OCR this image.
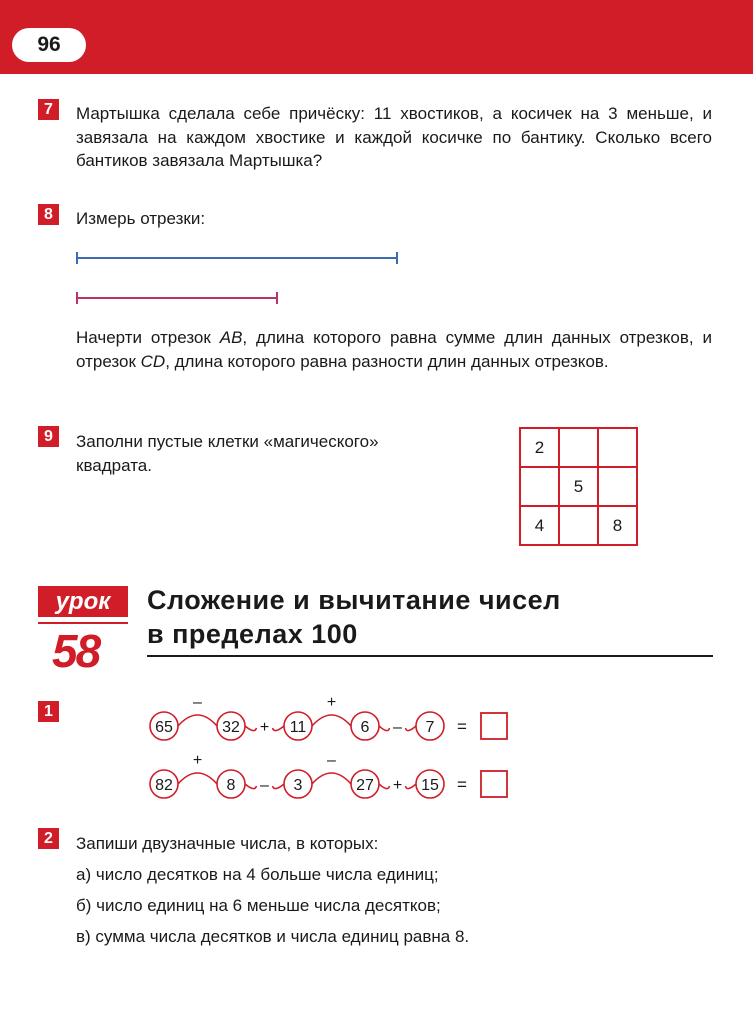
96
7	Мартышка сделала себе причёску: 11 хвостиков, а косичек на 3 меньше, и завязала на каждом хвостике и каждой косичке по бантику. Сколько всего бантиков завязала Мартышка?
8	Измерь отрезки:
Начерти отрезок AB, длина которого равна сумме длин данных отрезков, и отрезок CD, длина которого равна разности длин данных отрезков.
9	Заполни пустые клетки «магического» квадрата.
2		
	5	
4		8
урок
58
Сложение и вычитание чисел
в пределах 100
1
–
+
+
–
65	32	11	6	7 =
+
–
–
+
82	8	3	27	15 =
2	Запиши двузначные числа, в которых:
а) число десятков на 4 больше числа единиц;
б) число единиц на 6 меньше числа десятков;
в) сумма числа десятков и числа единиц равна 8.
